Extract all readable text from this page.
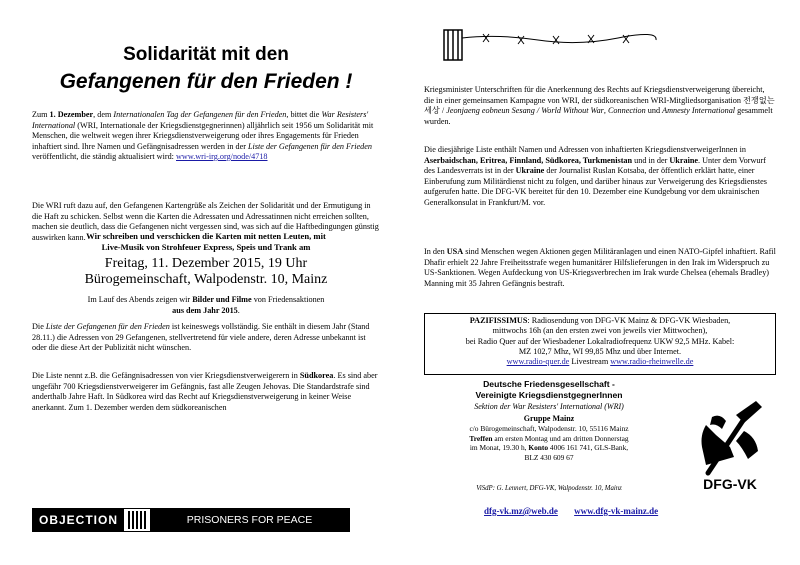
Solidarität mit den
Gefangenen für den Frieden !
Zum 1. Dezember, dem Internationalen Tag der Gefangenen für den Frieden, bittet die War Resisters' International (WRI, Internationale der Kriegsdienstgegnerinnen) alljährlich seit 1956 um Solidarität mit Menschen, die weltweit wegen ihrer Kriegsdienstverweigerung oder ihres Engagements für Frieden inhaftiert sind. Ihre Namen und Gefängnisadressen werden in der Liste der Gefangenen für den Frieden veröffentlicht, die ständig aktualisiert wird: www.wri-irg.org/node/4718
Die WRI ruft dazu auf, den Gefangenen Kartengrüße als Zeichen der Solidarität und der Ermutigung in die Haft zu schicken. Selbst wenn die Karten die Adressaten und Adressatinnen nicht erreichen sollten, machen sie deutlich, dass die Gefangenen nicht vergessen sind, was sich auf die Haftbedingungen günstig auswirken kann. Wir schreiben und verschicken die Karten mit netten Leuten, mit
Live-Musik von Strohfeuer Express, Speis und Trank am
Freitag, 11. Dezember 2015, 19 Uhr
Bürogemeinschaft, Walpodenstr. 10, Mainz
Im Lauf des Abends zeigen wir Bilder und Filme von Friedensaktionen
aus dem Jahr 2015.
Die Liste der Gefangenen für den Frieden ist keineswegs vollständig. Sie enthält in diesem Jahr (Stand 28.11.) die Adressen von 29 Gefangenen, stellvertretend für viele andere, deren Adresse unbekannt ist oder die diese Art der Publizität nicht wünschen.
Die Liste nennt z.B. die Gefängnisadressen von vier Kriegsdienstverweigerern in Südkorea. Es sind aber ungefähr 700 Kriegsdienstverweigerer im Gefängnis, fast alle Zeugen Jehovas. Die Standardstrafe sind anderthalb Jahre Haft. In Südkorea wird das Recht auf Kriegsdienstverweigerung in keiner Weise anerkannt. Zum 1. Dezember werden dem südkoreanischen
OBJECTION	PRISONERS FOR PEACE
Kriegsminister Unterschriften für die Anerkennung des Rechts auf Kriegsdienstverweigerung übereicht, die in einer gemeinsamen Kampagne von WRI, der südkoreanischen WRI-Mitgliedsorganisation 전쟁없는세상 / Jeonjaeng eobneun Sesang / World Without War, Connection und Amnesty International gesammelt wurden.
Die diesjährige Liste enthält Namen und Adressen von inhaftierten KriegsdienstverweigerInnen in Aserbaidschan, Eritrea, Finnland, Südkorea, Turkmenistan und in der Ukraine. Unter dem Vorwurf des Landesverrats ist in der Ukraine der Journalist Ruslan Kotsaba, der öffentlich erklärt hatte, einer Einberufung zum Militärdienst nicht zu folgen, und darüber hinaus zur Verweigerung des Kriegsdienstes aufgerufen hatte. Die DFG-VK bereitet für den 10. Dezember eine Kundgebung vor dem ukrainischen Generalkonsulat in Frankfurt/M. vor.
In den USA sind Menschen wegen Aktionen gegen Militäranlagen und einen NATO-Gipfel inhaftiert. Rafil Dhafir erhielt 22 Jahre Freiheitsstrafe wegen humanitärer Hilfslieferungen in den Irak im Widerspruch zu US-Sanktionen. Wegen Aufdeckung von US-Kriegsverbrechen im Irak wurde Chelsea (ehemals Bradley) Manning mit 35 Jahren Gefängnis bestraft.
PAZIFISSIMUS: Radiosendung von DFG-VK Mainz & DFG-VK Wiesbaden,
mittwochs 16h (an den ersten zwei von jeweils vier Mittwochen),
bei Radio Quer auf der Wiesbadener Lokalradiofrequenz UKW 92,5 MHz. Kabel:
MZ 102,7 Mhz, WI 99,85 Mhz und über Internet.
www.radio-quer.de Livestream www.radio-rheinwelle.de
Deutsche Friedensgesellschaft -
Vereinigte KriegsdienstgegnerInnen
Sektion der War Resisters' International (WRI)
Gruppe Mainz
c/o Bürogemeinschaft, Walpodenstr. 10, 55116 Mainz
Treffen am ersten Montag und am dritten Donnerstag
im Monat, 19.30 h, Konto 4006 161 741, GLS-Bank,
BLZ 430 609 67
ViSdP: G. Lennert, DFG-VK, Walpodenstr. 10, Mainz
dfg-vk.mz@web.de www.dfg-vk-mainz.de
DFG-VK
